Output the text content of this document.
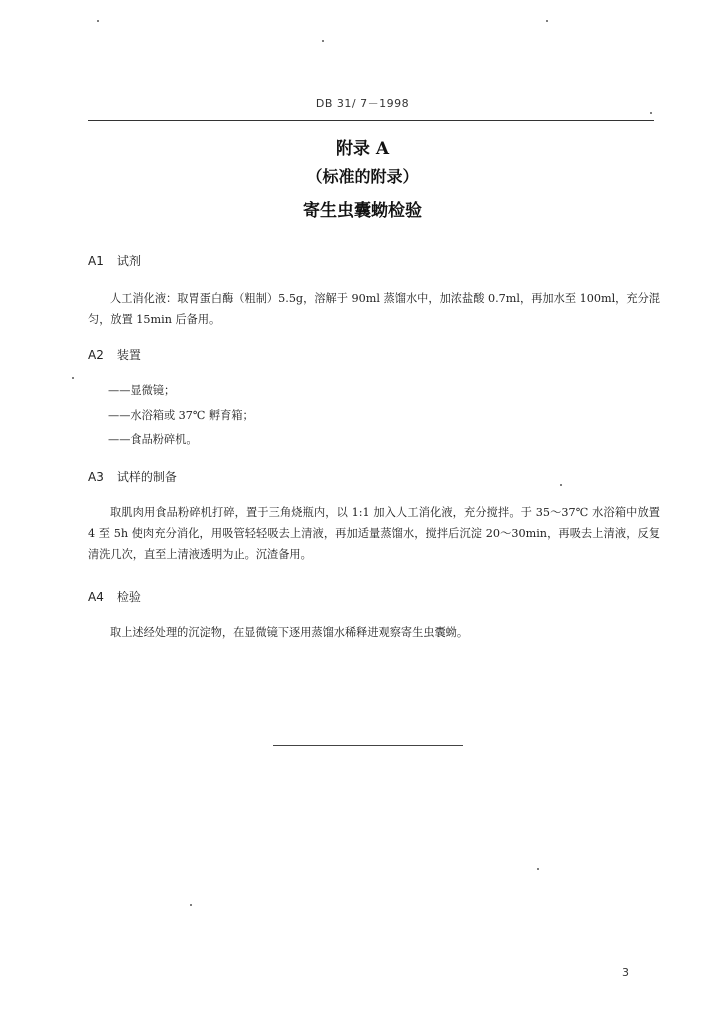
DB 31/ 7－1998
附录 A
（标准的附录）
寄生虫囊蚴检验
A1 试剂
人工消化液：取胃蛋白酶（粗制）5.5g，溶解于 90ml 蒸馏水中，加浓盐酸 0.7ml，再加水至 100ml，充分混匀，放置 15min 后备用。
A2 装置
——显微镜；
——水浴箱或 37℃ 孵育箱；
——食品粉碎机。
A3 试样的制备
取肌肉用食品粉碎机打碎，置于三角烧瓶内，以 1:1 加入人工消化液，充分搅拌。于 35～37℃ 水浴箱中放置 4 至 5h 使肉充分消化，用吸管轻轻吸去上清液，再加适量蒸馏水，搅拌后沉淀 20～30min，再吸去上清液，反复清洗几次，直至上清液透明为止。沉渣备用。
A4 检验
取上述经处理的沉淀物，在显微镜下逐用蒸馏水稀释进观察寄生虫囊蚴。
3
